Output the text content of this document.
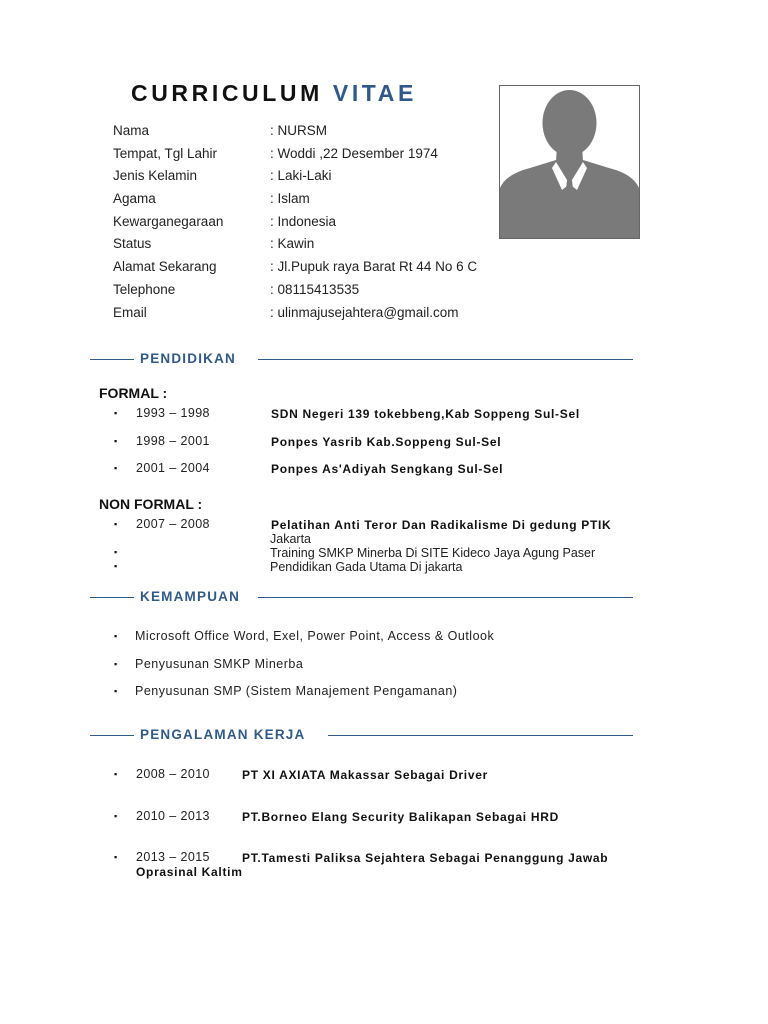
CURRICULUM VITAE
Nama	: NURSM
Tempat, Tgl Lahir	: Woddi ,22 Desember 1974
Jenis Kelamin	: Laki-Laki
Agama	: Islam
Kewarganegaraan	: Indonesia
Status	: Kawin
Alamat Sekarang	: Jl.Pupuk raya Barat Rt 44 No 6 C
Telephone	: 08115413535
Email	: ulinmajusejahtera@gmail.com
PENDIDIKAN
FORMAL :
▪ 1993 – 1998	SDN Negeri 139 tokebbeng,Kab Soppeng Sul-Sel
▪ 1998 – 2001	Ponpes Yasrib Kab.Soppeng Sul-Sel
▪ 2001 – 2004	Ponpes As'Adiyah Sengkang Sul-Sel
NON FORMAL :
▪ 2007 – 2008	Pelatihan Anti Teror Dan Radikalisme Di gedung PTIK
Jakarta
▪	Training SMKP Minerba Di SITE Kideco Jaya Agung Paser
▪	Pendidikan Gada Utama Di jakarta
KEMAMPUAN
▪ Microsoft Office Word, Exel, Power Point, Access & Outlook
▪ Penyusunan SMKP Minerba
▪ Penyusunan SMP (Sistem Manajement Pengamanan)
PENGALAMAN KERJA
▪ 2008 – 2010	PT XI AXIATA Makassar Sebagai Driver
▪ 2010 – 2013	PT.Borneo Elang Security Balikapan Sebagai HRD
▪ 2013 – 2015	PT.Tamesti Paliksa Sejahtera Sebagai Penanggung Jawab
Oprasinal Kaltim
